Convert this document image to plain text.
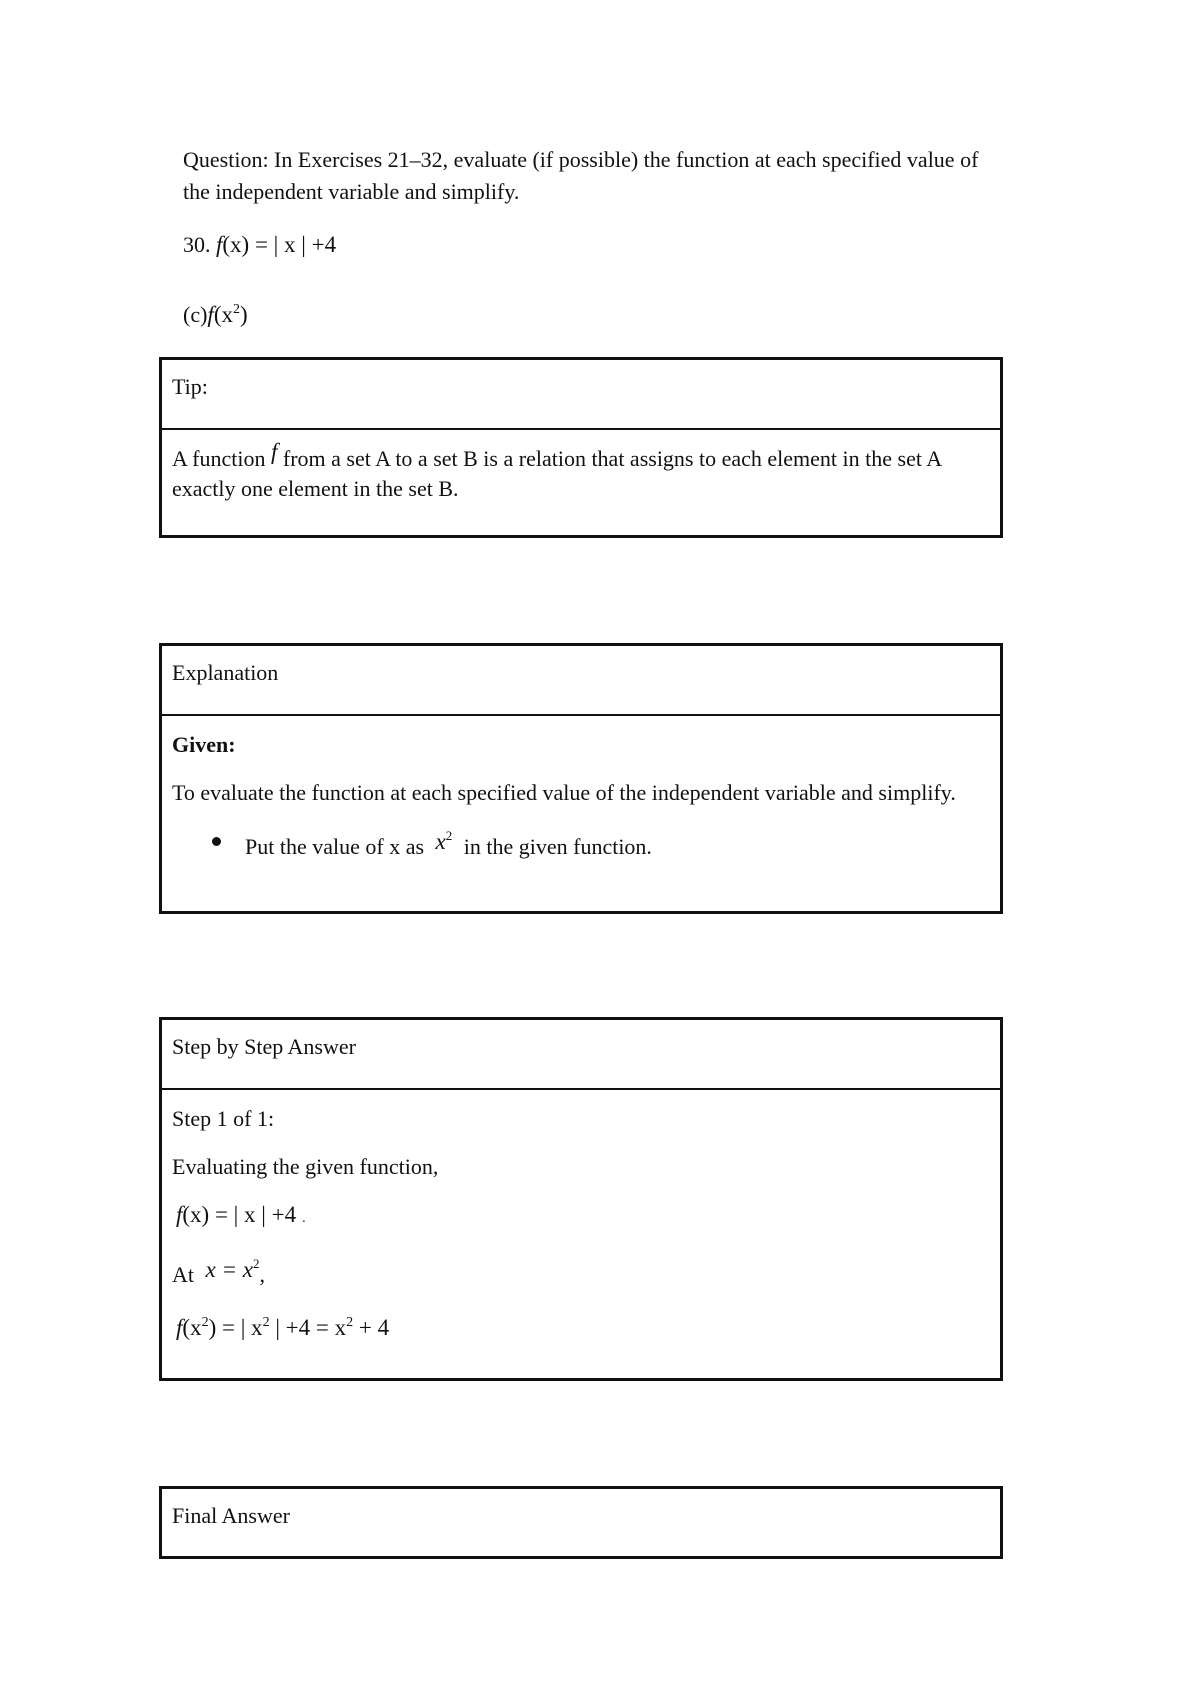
Question: In Exercises 21–32, evaluate (if possible) the function at each specified value of the independent variable and simplify.
30. f(x) = | x | +4
$(c)f(x^2)$
Tip:
A function f from a set A to a set B is a relation that assigns to each element in the set A exactly one element in the set B.
Explanation
Given:
To evaluate the function at each specified value of the independent variable and simplify.
Put the value of x as $x^2$ in the given function.
Step by Step Answer
Step 1 of 1:
Evaluating the given function,
f(x) = | x | +4 .
At $x = x^2$,
$f(x^2)$ = | $x^2$ | $+4 = x^2 + 4$
Final Answer
